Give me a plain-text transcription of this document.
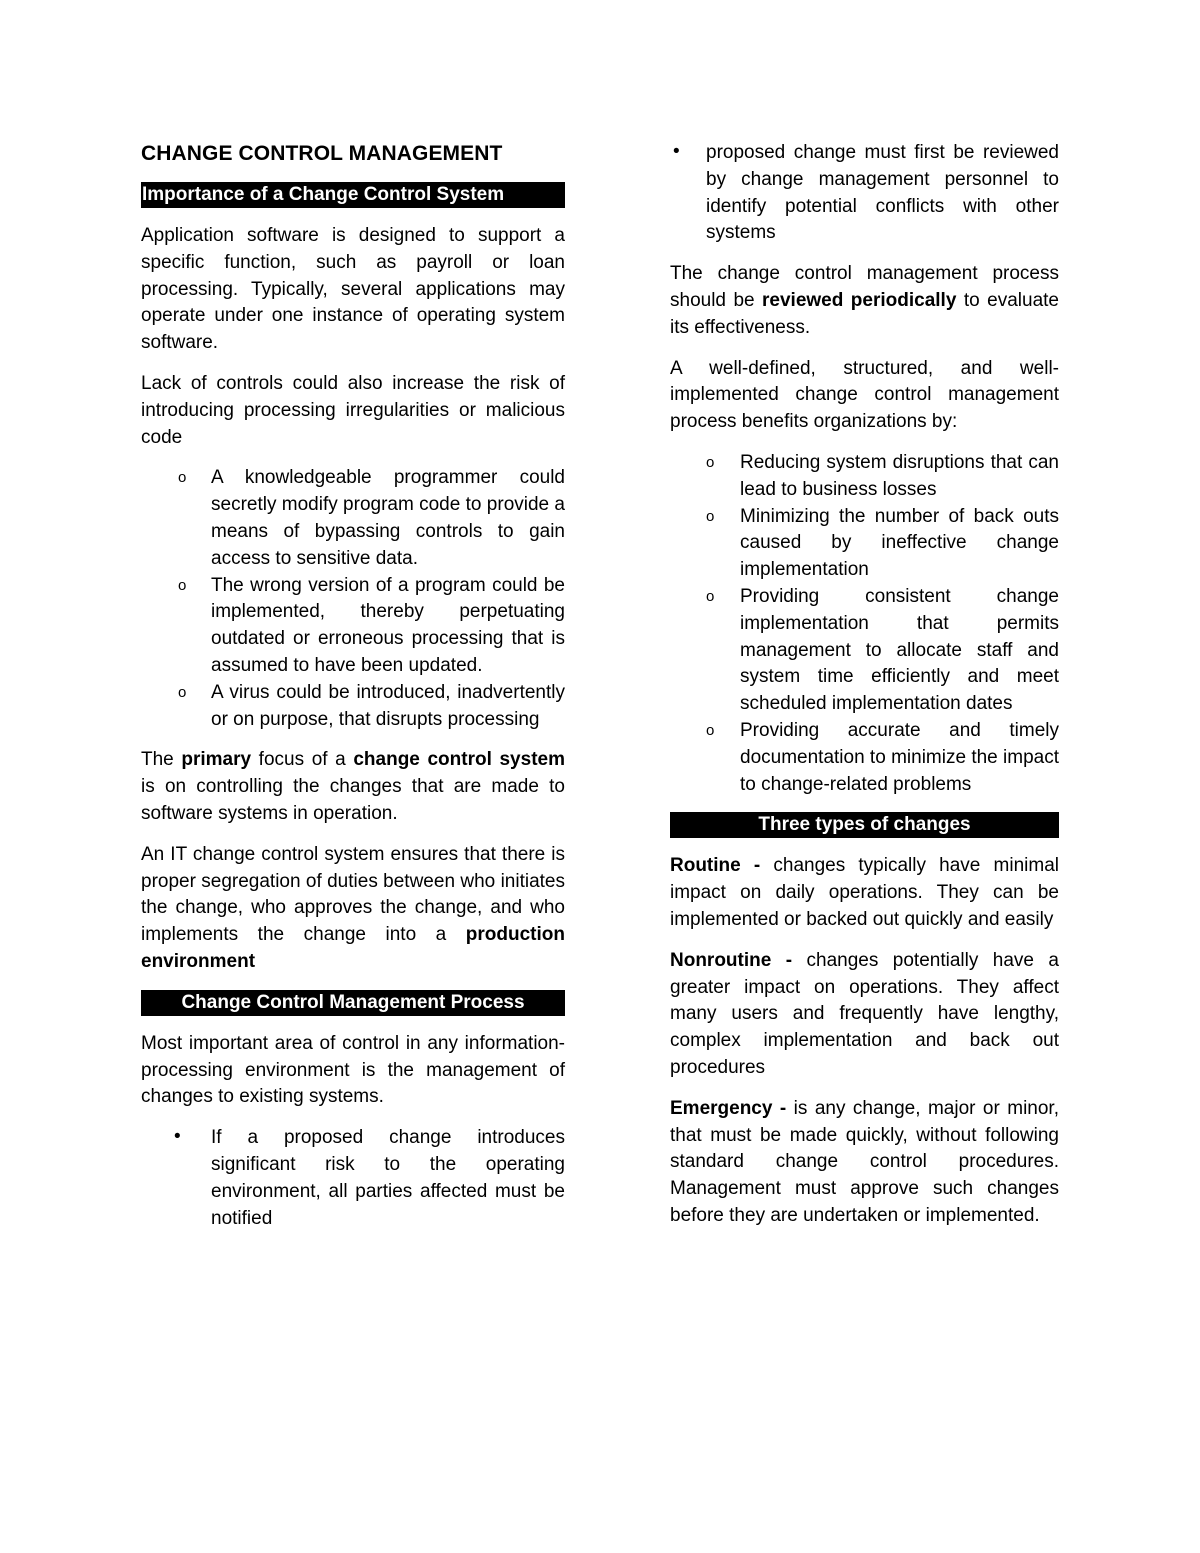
CHANGE CONTROL MANAGEMENT
Importance of a Change Control System

Application software is designed to support a specific function, such as payroll or loan processing. Typically, several applications may operate under one instance of operating system software.

Lack of controls could also increase the risk of introducing processing irregularities or malicious code

o A knowledgeable programmer could secretly modify program code to provide a means of bypassing controls to gain access to sensitive data.
o The wrong version of a program could be implemented, thereby perpetuating outdated or erroneous processing that is assumed to have been updated.
o A virus could be introduced, inadvertently or on purpose, that disrupts processing

The primary focus of a change control system is on controlling the changes that are made to software systems in operation.

An IT change control system ensures that there is proper segregation of duties between who initiates the change, who approves the change, and who implements the change into a production environment

Change Control Management Process

Most important area of control in any information-processing environment is the management of changes to existing systems.

• If a proposed change introduces significant risk to the operating environment, all parties affected must be notified
• proposed change must first be reviewed by change management personnel to identify potential conflicts with other systems

The change control management process should be reviewed periodically to evaluate its effectiveness.

A well-defined, structured, and well-implemented change control management process benefits organizations by:

o Reducing system disruptions that can lead to business losses
o Minimizing the number of back outs caused by ineffective change implementation
o Providing consistent change implementation that permits management to allocate staff and system time efficiently and meet scheduled implementation dates
o Providing accurate and timely documentation to minimize the impact to change-related problems
Three types of changes

Routine - changes typically have minimal impact on daily operations. They can be implemented or backed out quickly and easily

Nonroutine - changes potentially have a greater impact on operations. They affect many users and frequently have lengthy, complex implementation and back out procedures

Emergency - is any change, major or minor, that must be made quickly, without following standard change control procedures. Management must approve such changes before they are undertaken or implemented.
